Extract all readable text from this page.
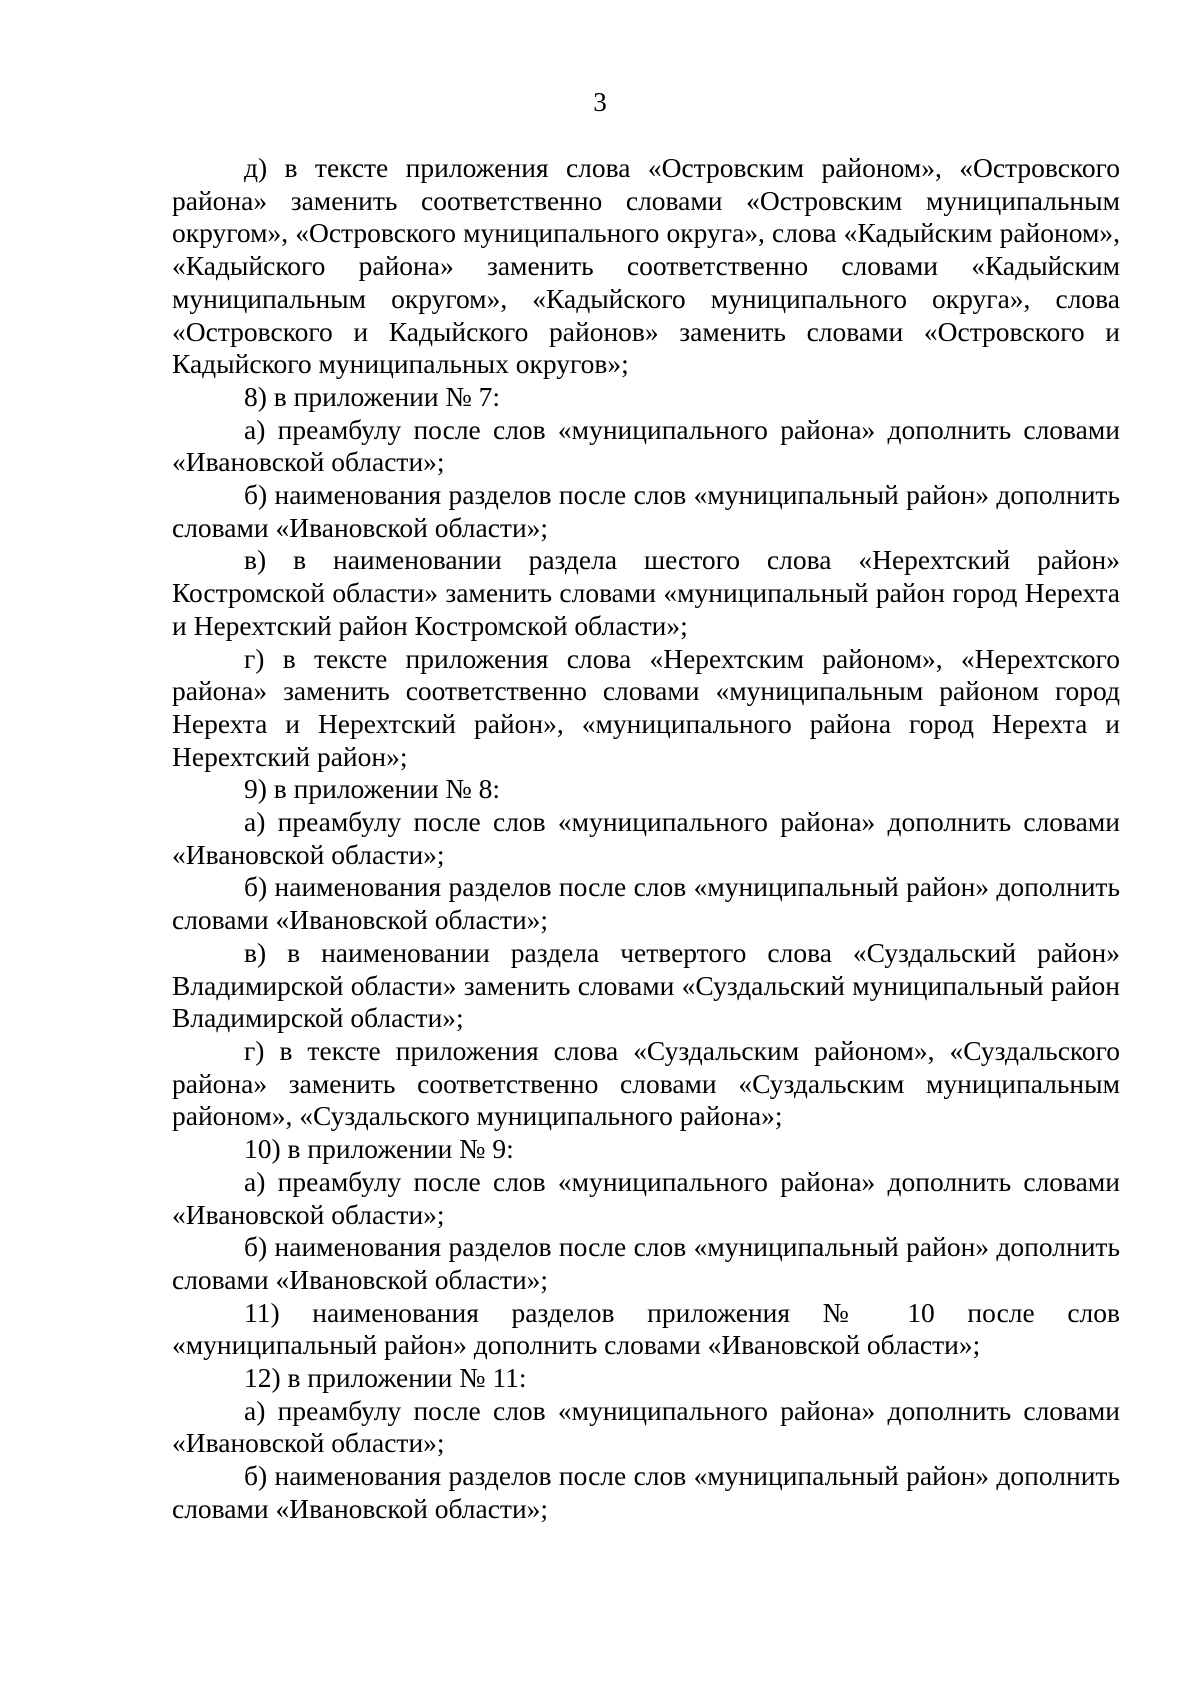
3

д) в тексте приложения слова «Островским районом», «Островского района» заменить соответственно словами «Островским муниципальным округом», «Островского муниципального округа», слова «Кадыйским районом», «Кадыйского района» заменить соответственно словами «Кадыйским муниципальным округом», «Кадыйского муниципального округа», слова «Островского и Кадыйского районов» заменить словами «Островского и Кадыйского муниципальных округов»;

8) в приложении № 7:

а) преамбулу после слов «муниципального района» дополнить словами «Ивановской области»;

б) наименования разделов после слов «муниципальный район» дополнить словами «Ивановской области»;

в) в наименовании раздела шестого слова «Нерехтский район» Костромской области» заменить словами «муниципальный район город Нерехта и Нерехтский район Костромской области»;

г) в тексте приложения слова «Нерехтским районом», «Нерехтского района» заменить соответственно словами «муниципальным районом город Нерехта и Нерехтский район», «муниципального района город Нерехта и Нерехтский район»;

9) в приложении № 8:

а) преамбулу после слов «муниципального района» дополнить словами «Ивановской области»;

б) наименования разделов после слов «муниципальный район» дополнить словами «Ивановской области»;

в) в наименовании раздела четвертого слова «Суздальский район» Владимирской области» заменить словами «Суздальский муниципальный район Владимирской области»;

г) в тексте приложения слова «Суздальским районом», «Суздальского района» заменить соответственно словами «Суздальским муниципальным районом», «Суздальского муниципального района»;

10) в приложении № 9:

а) преамбулу после слов «муниципального района» дополнить словами «Ивановской области»;

б) наименования разделов после слов «муниципальный район» дополнить словами «Ивановской области»;

11) наименования разделов приложения № 10 после слов «муниципальный район» дополнить словами «Ивановской области»;

12) в приложении № 11:

а) преамбулу после слов «муниципального района» дополнить словами «Ивановской области»;

б) наименования разделов после слов «муниципальный район» дополнить словами «Ивановской области»;
